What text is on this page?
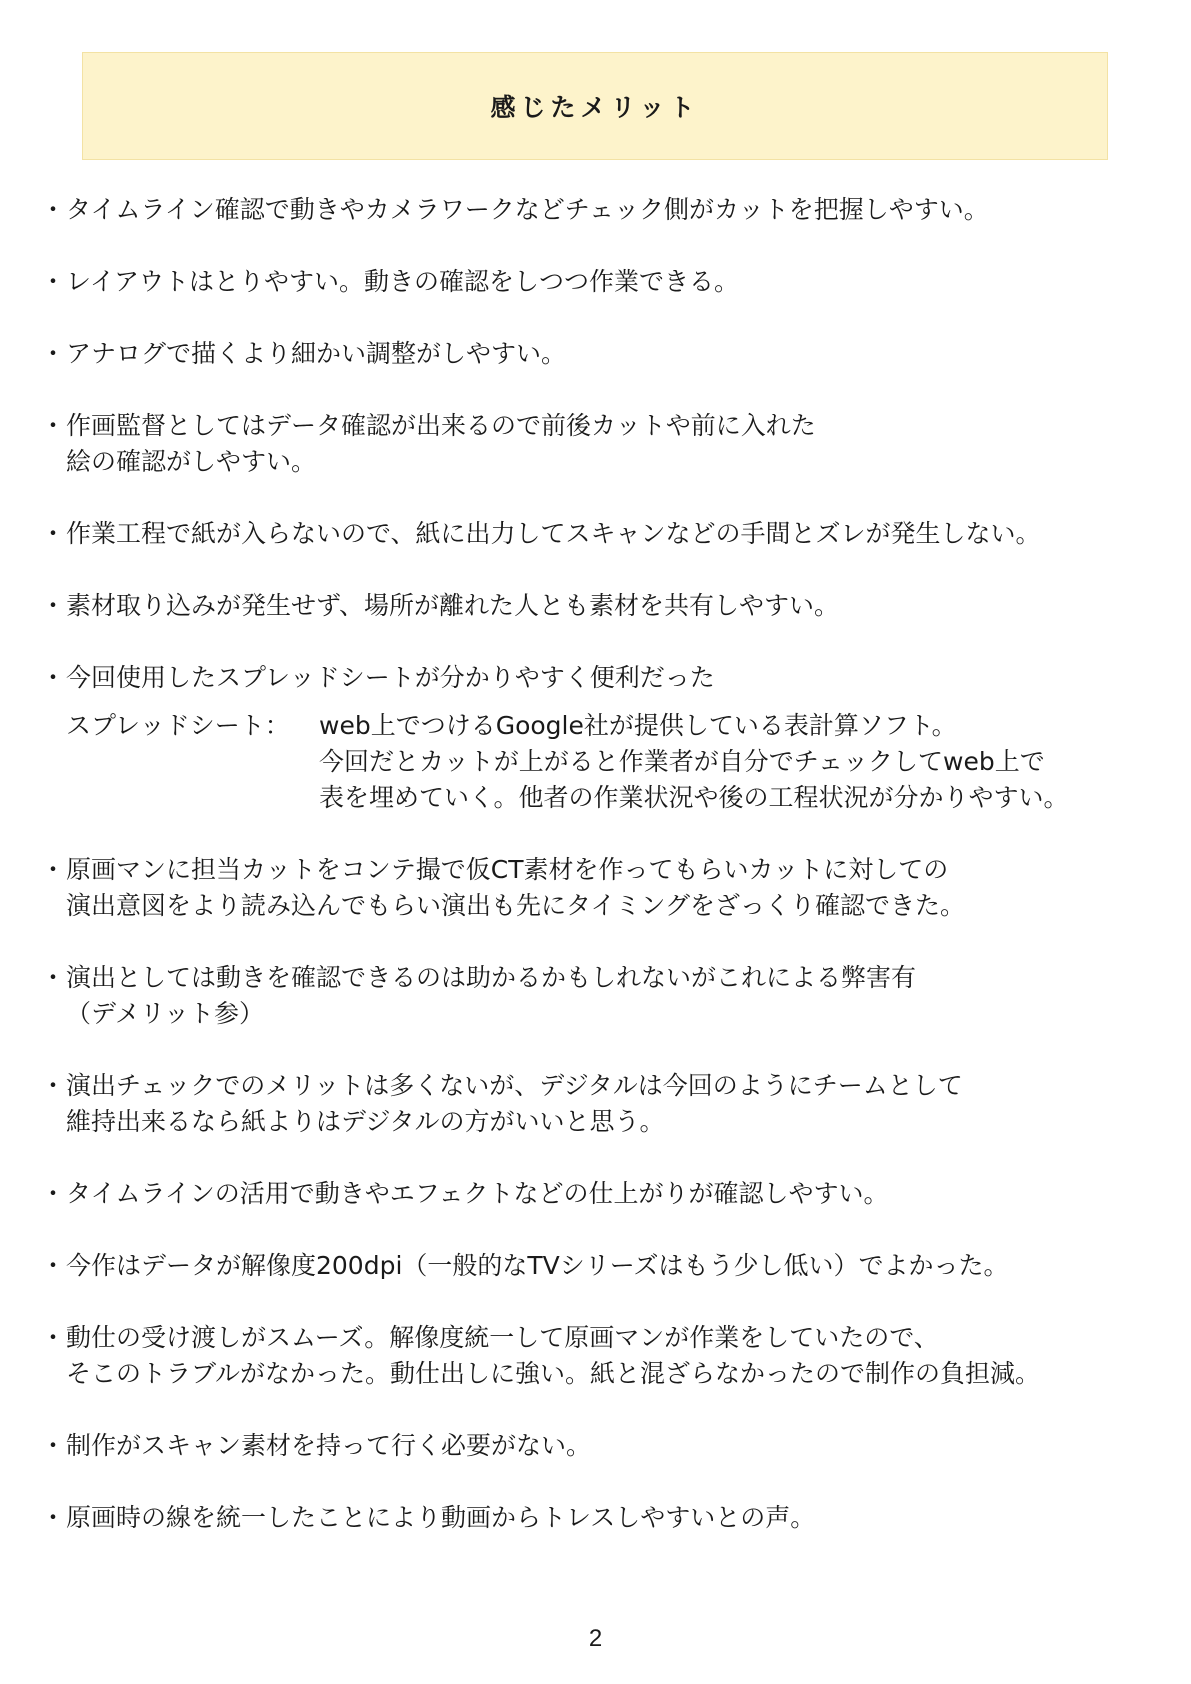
感じたメリット
・ タイムライン確認で動きやカメラワークなどチェック側がカットを把握しやすい。
・ レイアウトはとりやすい。動きの確認をしつつ作業できる。
・ アナログで描くより細かい調整がしやすい。
・ 作画監督としてはデータ確認が出来るので前後カットや前に入れた
絵の確認がしやすい。
・ 作業工程で紙が入らないので、紙に出力してスキャンなどの手間とズレが発生しない。
・ 素材取り込みが発生せず、場所が離れた人とも素材を共有しやすい。
・ 今回使用したスプレッドシートが分かりやすく便利だった
スプレッドシート：	web上でつけるGoogle社が提供している表計算ソフト。
今回だとカットが上がると作業者が自分でチェックしてweb上で
表を埋めていく。他者の作業状況や後の工程状況が分かりやすい。
・ 原画マンに担当カットをコンテ撮で仮CT素材を作ってもらいカットに対しての
演出意図をより読み込んでもらい演出も先にタイミングをざっくり確認できた。
・ 演出としては動きを確認できるのは助かるかもしれないがこれによる弊害有
（デメリット参）
・ 演出チェックでのメリットは多くないが、デジタルは今回のようにチームとして
維持出来るなら紙よりはデジタルの方がいいと思う。
・ タイムラインの活用で動きやエフェクトなどの仕上がりが確認しやすい。
・ 今作はデータが解像度200dpi（一般的なTVシリーズはもう少し低い）でよかった。
・ 動仕の受け渡しがスムーズ。解像度統一して原画マンが作業をしていたので、
そこのトラブルがなかった。動仕出しに強い。紙と混ざらなかったので制作の負担減。
・ 制作がスキャン素材を持って行く必要がない。
・ 原画時の線を統一したことにより動画からトレスしやすいとの声。
2
